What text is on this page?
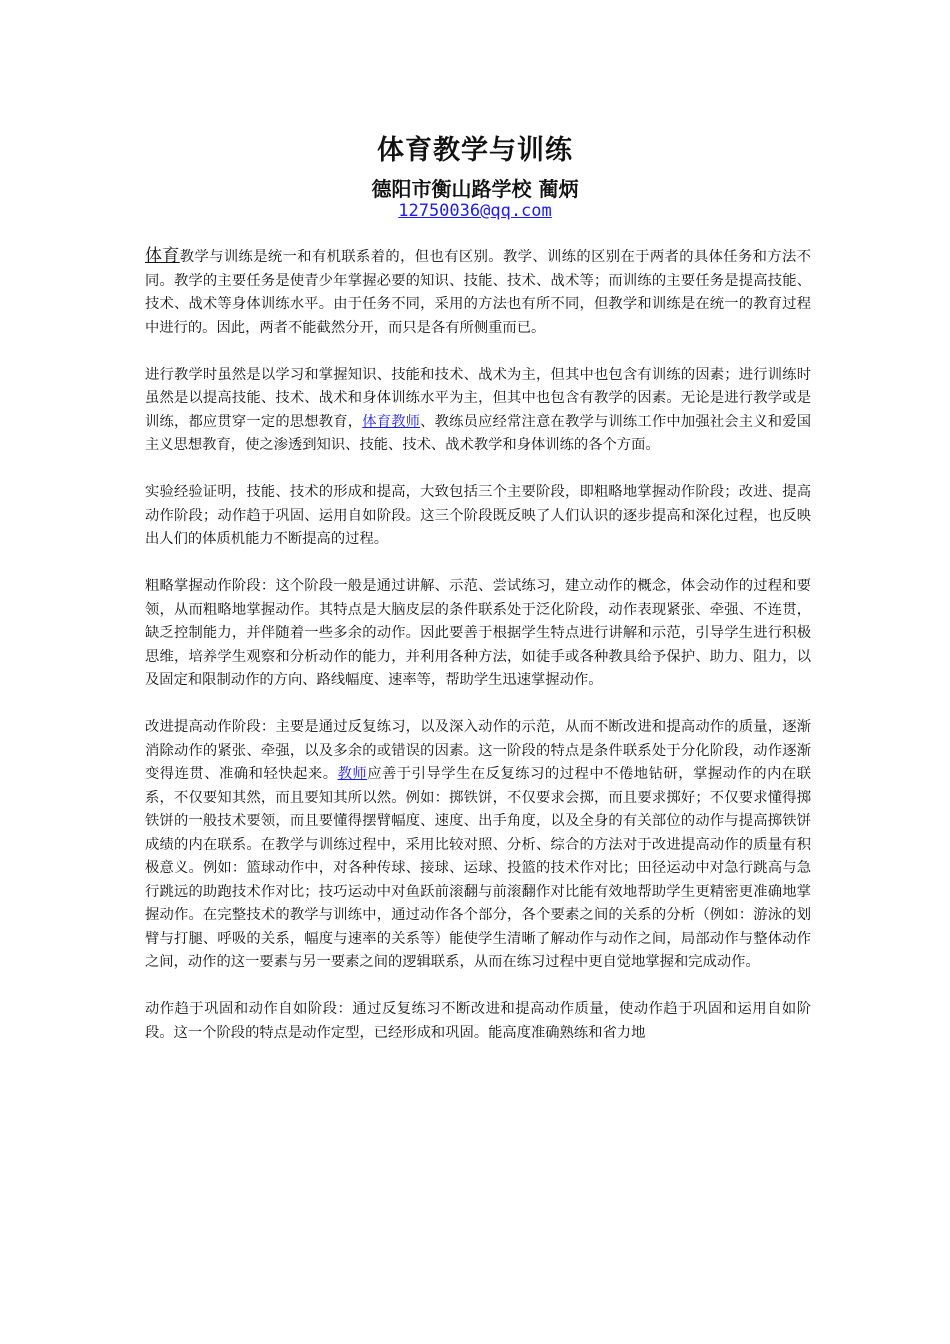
体育教学与训练
德阳市衡山路学校 蔺炳
12750036@qq.com

体育教学与训练是统一和有机联系着的，但也有区别。教学、训练的区别在于两者的具体任务和方法不同。教学的主要任务是使青少年掌握必要的知识、技能、技术、战术等；而训练的主要任务是提高技能、技术、战术等身体训练水平。由于任务不同，采用的方法也有所不同，但教学和训练是在统一的教育过程中进行的。因此，两者不能截然分开，而只是各有所侧重而已。

进行教学时虽然是以学习和掌握知识、技能和技术、战术为主，但其中也包含有训练的因素；进行训练时虽然是以提高技能、技术、战术和身体训练水平为主，但其中也包含有教学的因素。无论是进行教学或是训练，都应贯穿一定的思想教育，体育教师、教练员应经常注意在教学与训练工作中加强社会主义和爱国主义思想教育，使之渗透到知识、技能、技术、战术教学和身体训练的各个方面。

实验经验证明，技能、技术的形成和提高，大致包括三个主要阶段，即粗略地掌握动作阶段；改进、提高动作阶段；动作趋于巩固、运用自如阶段。这三个阶段既反映了人们认识的逐步提高和深化过程，也反映出人们的体质机能力不断提高的过程。

粗略掌握动作阶段：这个阶段一般是通过讲解、示范、尝试练习，建立动作的概念，体会动作的过程和要领，从而粗略地掌握动作。其特点是大脑皮层的条件联系处于泛化阶段，动作表现紧张、牵强、不连贯，缺乏控制能力，并伴随着一些多余的动作。因此要善于根据学生特点进行讲解和示范，引导学生进行积极思维，培养学生观察和分析动作的能力，并利用各种方法，如徒手或各种教具给予保护、助力、阻力，以及固定和限制动作的方向、路线幅度、速率等，帮助学生迅速掌握动作。

改进提高动作阶段：主要是通过反复练习，以及深入动作的示范，从而不断改进和提高动作的质量，逐渐消除动作的紧张、牵强，以及多余的或错误的因素。这一阶段的特点是条件联系处于分化阶段，动作逐渐变得连贯、准确和轻快起来。教师应善于引导学生在反复练习的过程中不倦地钻研，掌握动作的内在联系，不仅要知其然，而且要知其所以然。例如：掷铁饼，不仅要求会掷，而且要求掷好；不仅要求懂得掷铁饼的一般技术要领，而且要懂得摆臂幅度、速度、出手角度，以及全身的有关部位的动作与提高掷铁饼成绩的内在联系。在教学与训练过程中，采用比较对照、分析、综合的方法对于改进提高动作的质量有积极意义。例如：篮球动作中，对各种传球、接球、运球、投篮的技术作对比；田径运动中对急行跳高与急行跳远的助跑技术作对比；技巧运动中对鱼跃前滚翻与前滚翻作对比能有效地帮助学生更精密更准确地掌握动作。在完整技术的教学与训练中，通过动作各个部分，各个要素之间的关系的分析（例如：游泳的划臂与打腿、呼吸的关系，幅度与速率的关系等）能使学生清晰了解动作与动作之间，局部动作与整体动作之间，动作的这一要素与另一要素之间的逻辑联系，从而在练习过程中更自觉地掌握和完成动作。

动作趋于巩固和动作自如阶段：通过反复练习不断改进和提高动作质量，使动作趋于巩固和运用自如阶段。这一个阶段的特点是动作定型，已经形成和巩固。能高度准确熟练和省力地
